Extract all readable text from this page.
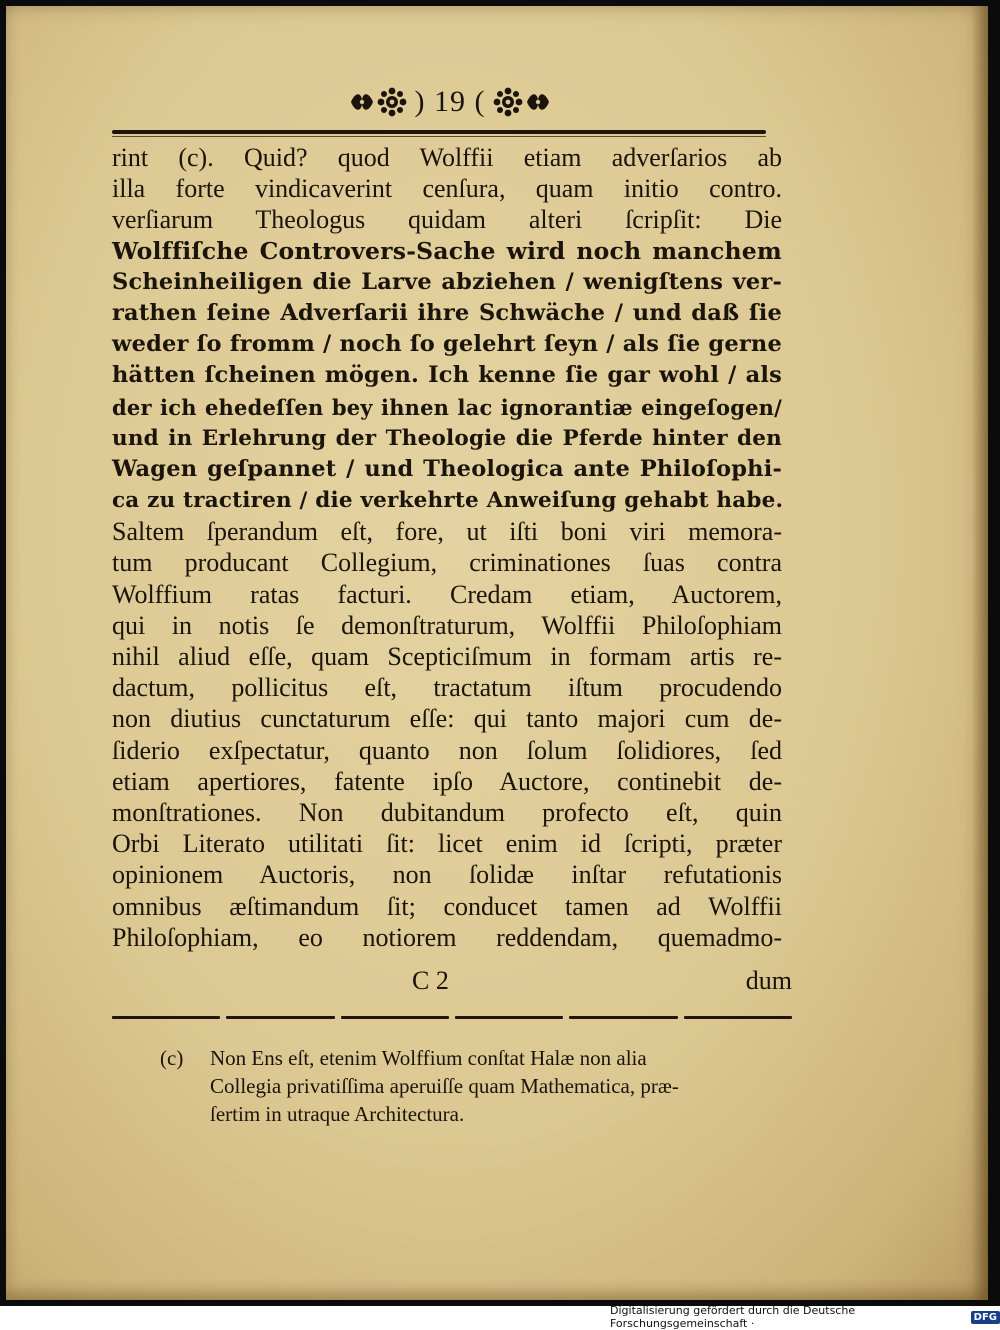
) 19 (
rint (c). Quid? quod Wolffii etiam adverſarios ab
illa forte vindicaverint cenſura, quam initio contro.
verſiarum Theologus quidam alteri ſcripſit: Die
Wolffiſche Controvers-Sache wird noch manchem
Scheinheiligen die Larve abziehen / wenigſtens ver-
rathen ſeine Adverſarii ihre Schwäche / und daß ſie
weder ſo fromm / noch ſo gelehrt ſeyn / als ſie gerne
hätten ſcheinen mögen. Ich kenne ſie gar wohl / als
der ich ehedeſſen bey ihnen lac ignorantiæ eingeſogen/
und in Erlehrung der Theologie die Pferde hinter den
Wagen geſpannet / und Theologica ante Philoſophi-
ca zu tractiren / die verkehrte Anweiſung gehabt habe.
Saltem ſperandum eſt, fore, ut iſti boni viri memora-
tum producant Collegium, criminationes ſuas contra
Wolffium ratas facturi. Credam etiam, Auctorem,
qui in notis ſe demonſtraturum, Wolffii Philoſophiam
nihil aliud eſſe, quam Scepticiſmum in formam artis re-
dactum, pollicitus eſt, tractatum iſtum procudendo
non diutius cunctaturum eſſe: qui tanto majori cum de-
ſiderio exſpectatur, quanto non ſolum ſolidiores, ſed
etiam apertiores, fatente ipſo Auctore, continebit de-
monſtrationes. Non dubitandum profecto eſt, quin
Orbi Literato utilitati ſit: licet enim id ſcripti, præter
opinionem Auctoris, non ſolidæ inſtar refutationis
omnibus æſtimandum ſit; conducet tamen ad Wolffii
Philoſophiam, eo notiorem reddendam, quemadmo-
C 2	dum
(c) Non Ens eſt, etenim Wolffium conſtat Halæ non alia
Collegia privatiſſima aperuiſſe quam Mathematica, præ-
ſertim in utraque Architectura.
Digitalisierung gefördert durch die Deutsche Forschungsgemeinschaft ·	DFG
